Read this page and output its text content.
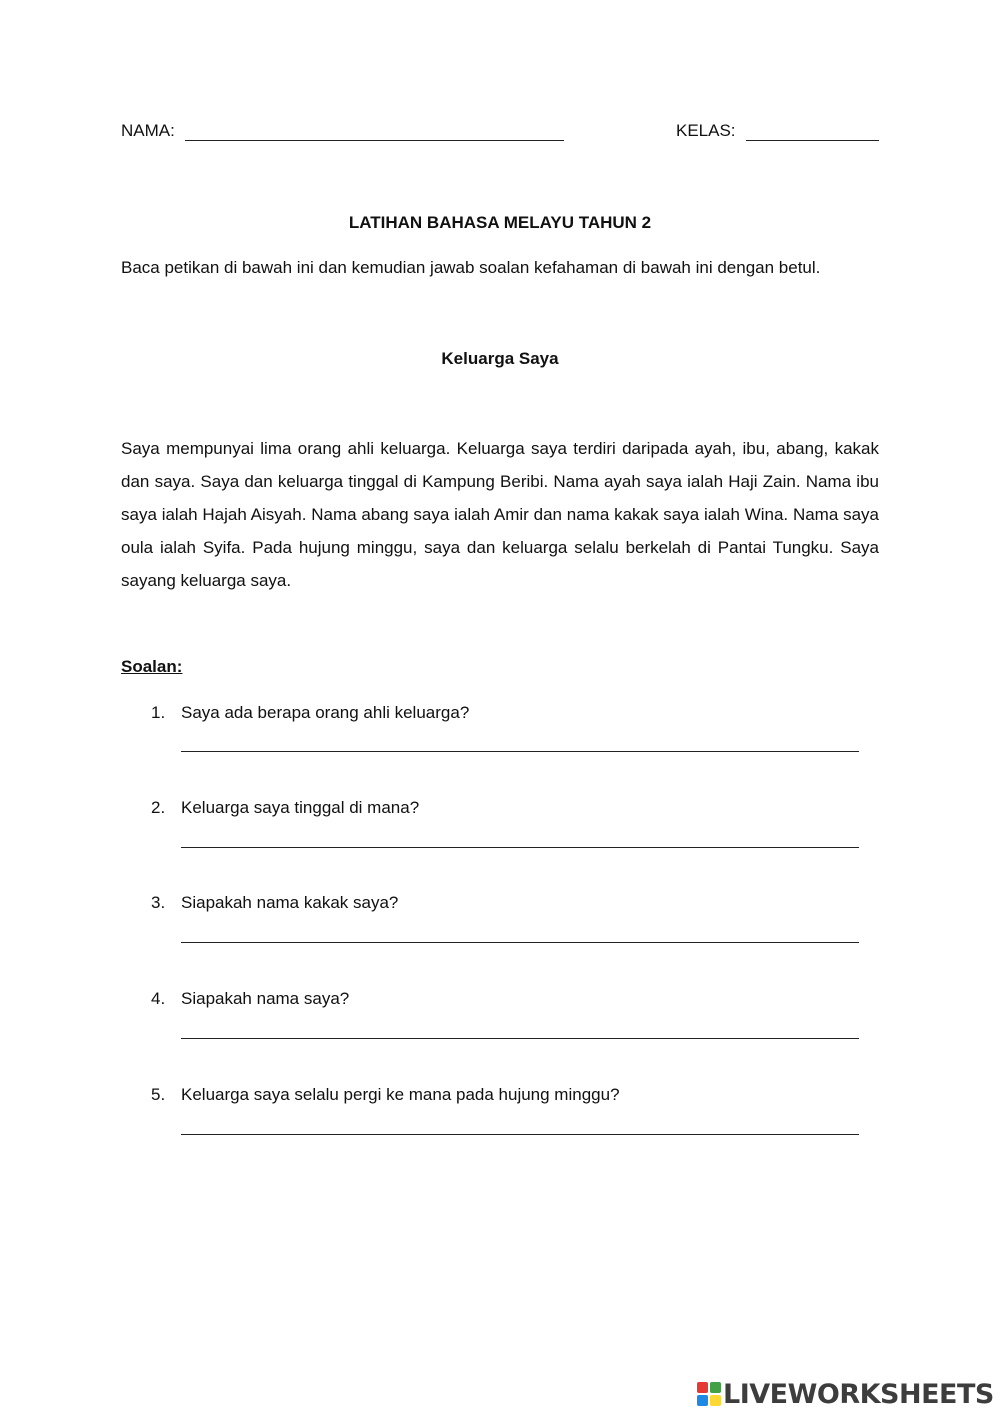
NAMA:	KELAS:
LATIHAN BAHASA MELAYU TAHUN 2
Baca petikan di bawah ini dan kemudian jawab soalan kefahaman di bawah ini dengan betul.
Keluarga Saya

Saya mempunyai lima orang ahli keluarga. Keluarga saya terdiri daripada ayah, ibu, abang, kakak dan saya. Saya dan keluarga tinggal di Kampung Beribi. Nama ayah saya ialah Haji Zain. Nama ibu saya ialah Hajah Aisyah. Nama abang saya ialah Amir dan nama kakak saya ialah Wina. Nama saya oula ialah Syifa. Pada hujung minggu, saya dan keluarga selalu berkelah di Pantai Tungku. Saya sayang keluarga saya.

Soalan:
1. Saya ada berapa orang ahli keluarga?
2. Keluarga saya tinggal di mana?
3. Siapakah nama kakak saya?
4. Siapakah nama saya?
5. Keluarga saya selalu pergi ke mana pada hujung minggu?
LIVEWORKSHEETS
